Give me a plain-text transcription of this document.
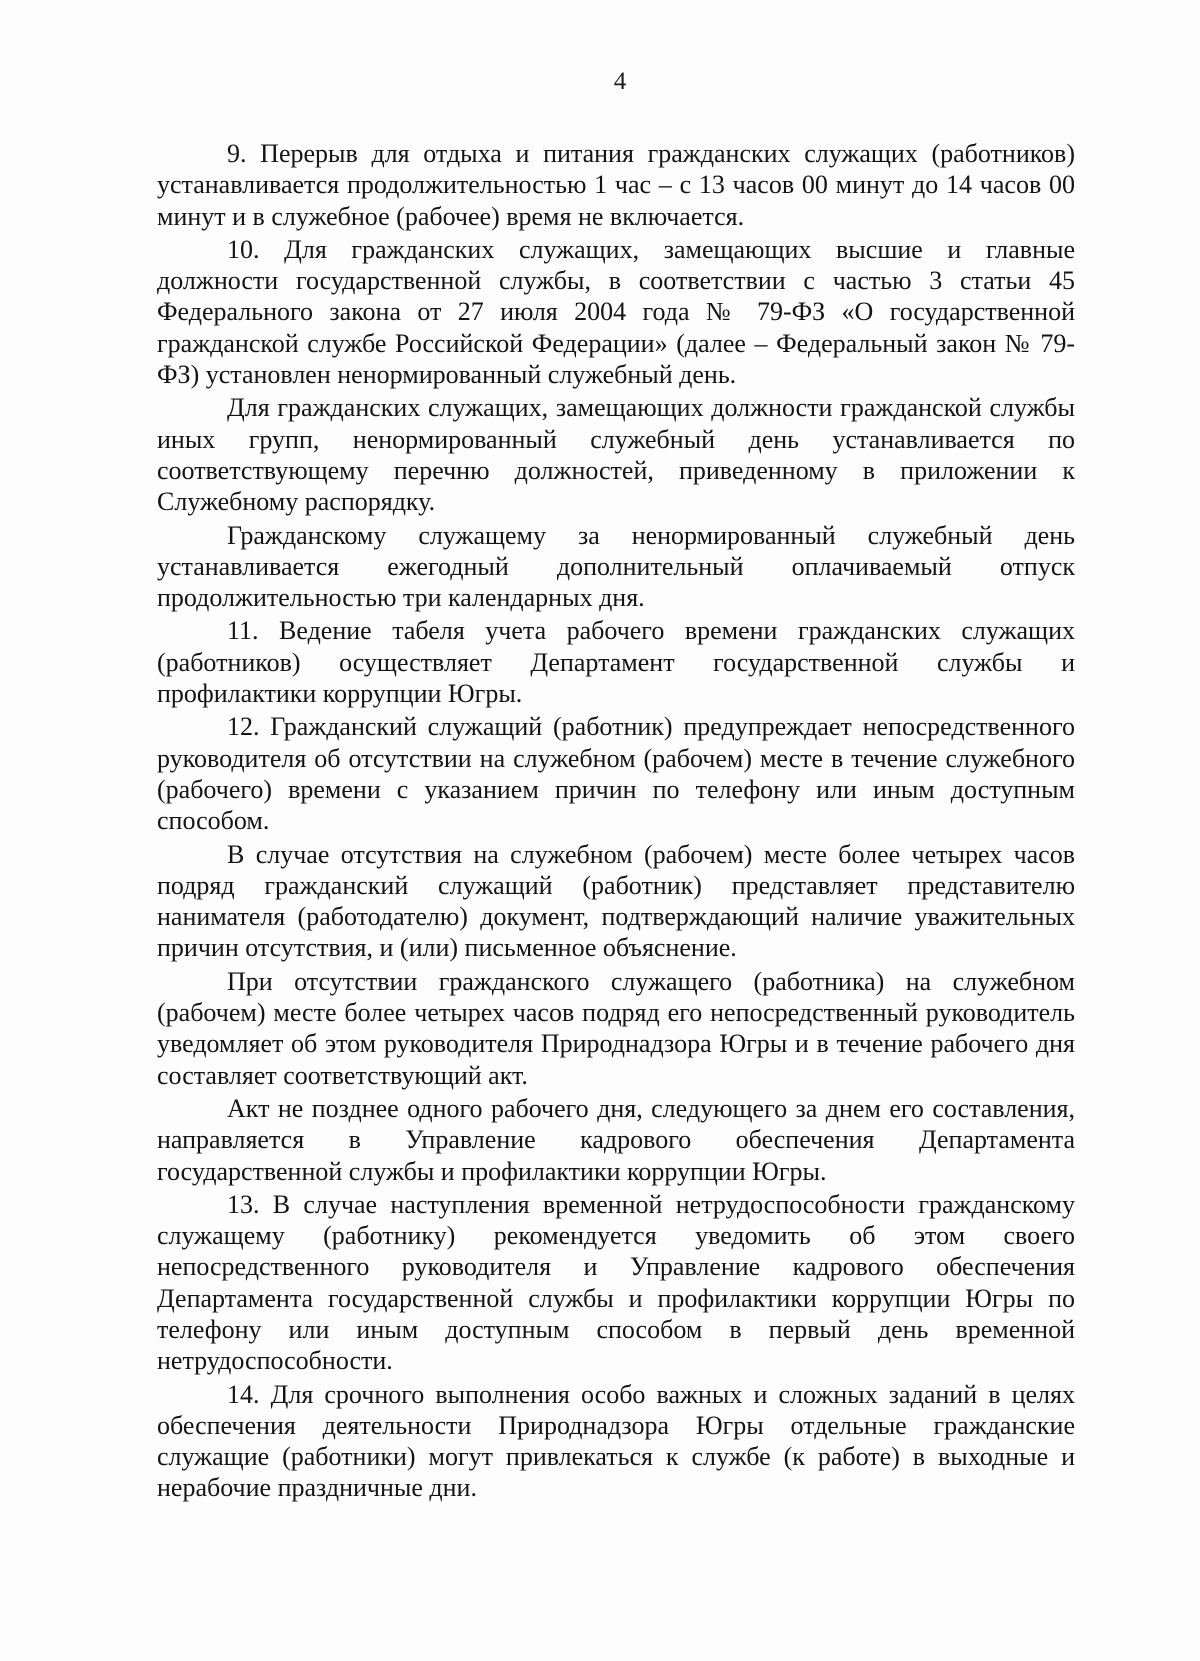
4

9. Перерыв для отдыха и питания гражданских служащих (работников) устанавливается продолжительностью 1 час – с 13 часов 00 минут до 14 часов 00 минут и в служебное (рабочее) время не включается.

10. Для гражданских служащих, замещающих высшие и главные должности государственной службы, в соответствии с частью 3 статьи 45 Федерального закона от 27 июля 2004 года № 79-ФЗ «О государственной гражданской службе Российской Федерации» (далее – Федеральный закон № 79-ФЗ) установлен ненормированный служебный день.

Для гражданских служащих, замещающих должности гражданской службы иных групп, ненормированный служебный день устанавливается по соответствующему перечню должностей, приведенному в приложении к Служебному распорядку.

Гражданскому служащему за ненормированный служебный день устанавливается ежегодный дополнительный оплачиваемый отпуск продолжительностью три календарных дня.

11. Ведение табеля учета рабочего времени гражданских служащих (работников) осуществляет Департамент государственной службы и профилактики коррупции Югры.

12. Гражданский служащий (работник) предупреждает непосредственного руководителя об отсутствии на служебном (рабочем) месте в течение служебного (рабочего) времени с указанием причин по телефону или иным доступным способом.

В случае отсутствия на служебном (рабочем) месте более четырех часов подряд гражданский служащий (работник) представляет представителю нанимателя (работодателю) документ, подтверждающий наличие уважительных причин отсутствия, и (или) письменное объяснение.

При отсутствии гражданского служащего (работника) на служебном (рабочем) месте более четырех часов подряд его непосредственный руководитель уведомляет об этом руководителя Природнадзора Югры и в течение рабочего дня составляет соответствующий акт.

Акт не позднее одного рабочего дня, следующего за днем его составления, направляется в Управление кадрового обеспечения Департамента государственной службы и профилактики коррупции Югры.

13. В случае наступления временной нетрудоспособности гражданскому служащему (работнику) рекомендуется уведомить об этом своего непосредственного руководителя и Управление кадрового обеспечения Департамента государственной службы и профилактики коррупции Югры по телефону или иным доступным способом в первый день временной нетрудоспособности.

14. Для срочного выполнения особо важных и сложных заданий в целях обеспечения деятельности Природнадзора Югры отдельные гражданские служащие (работники) могут привлекаться к службе (к работе) в выходные и нерабочие праздничные дни.
